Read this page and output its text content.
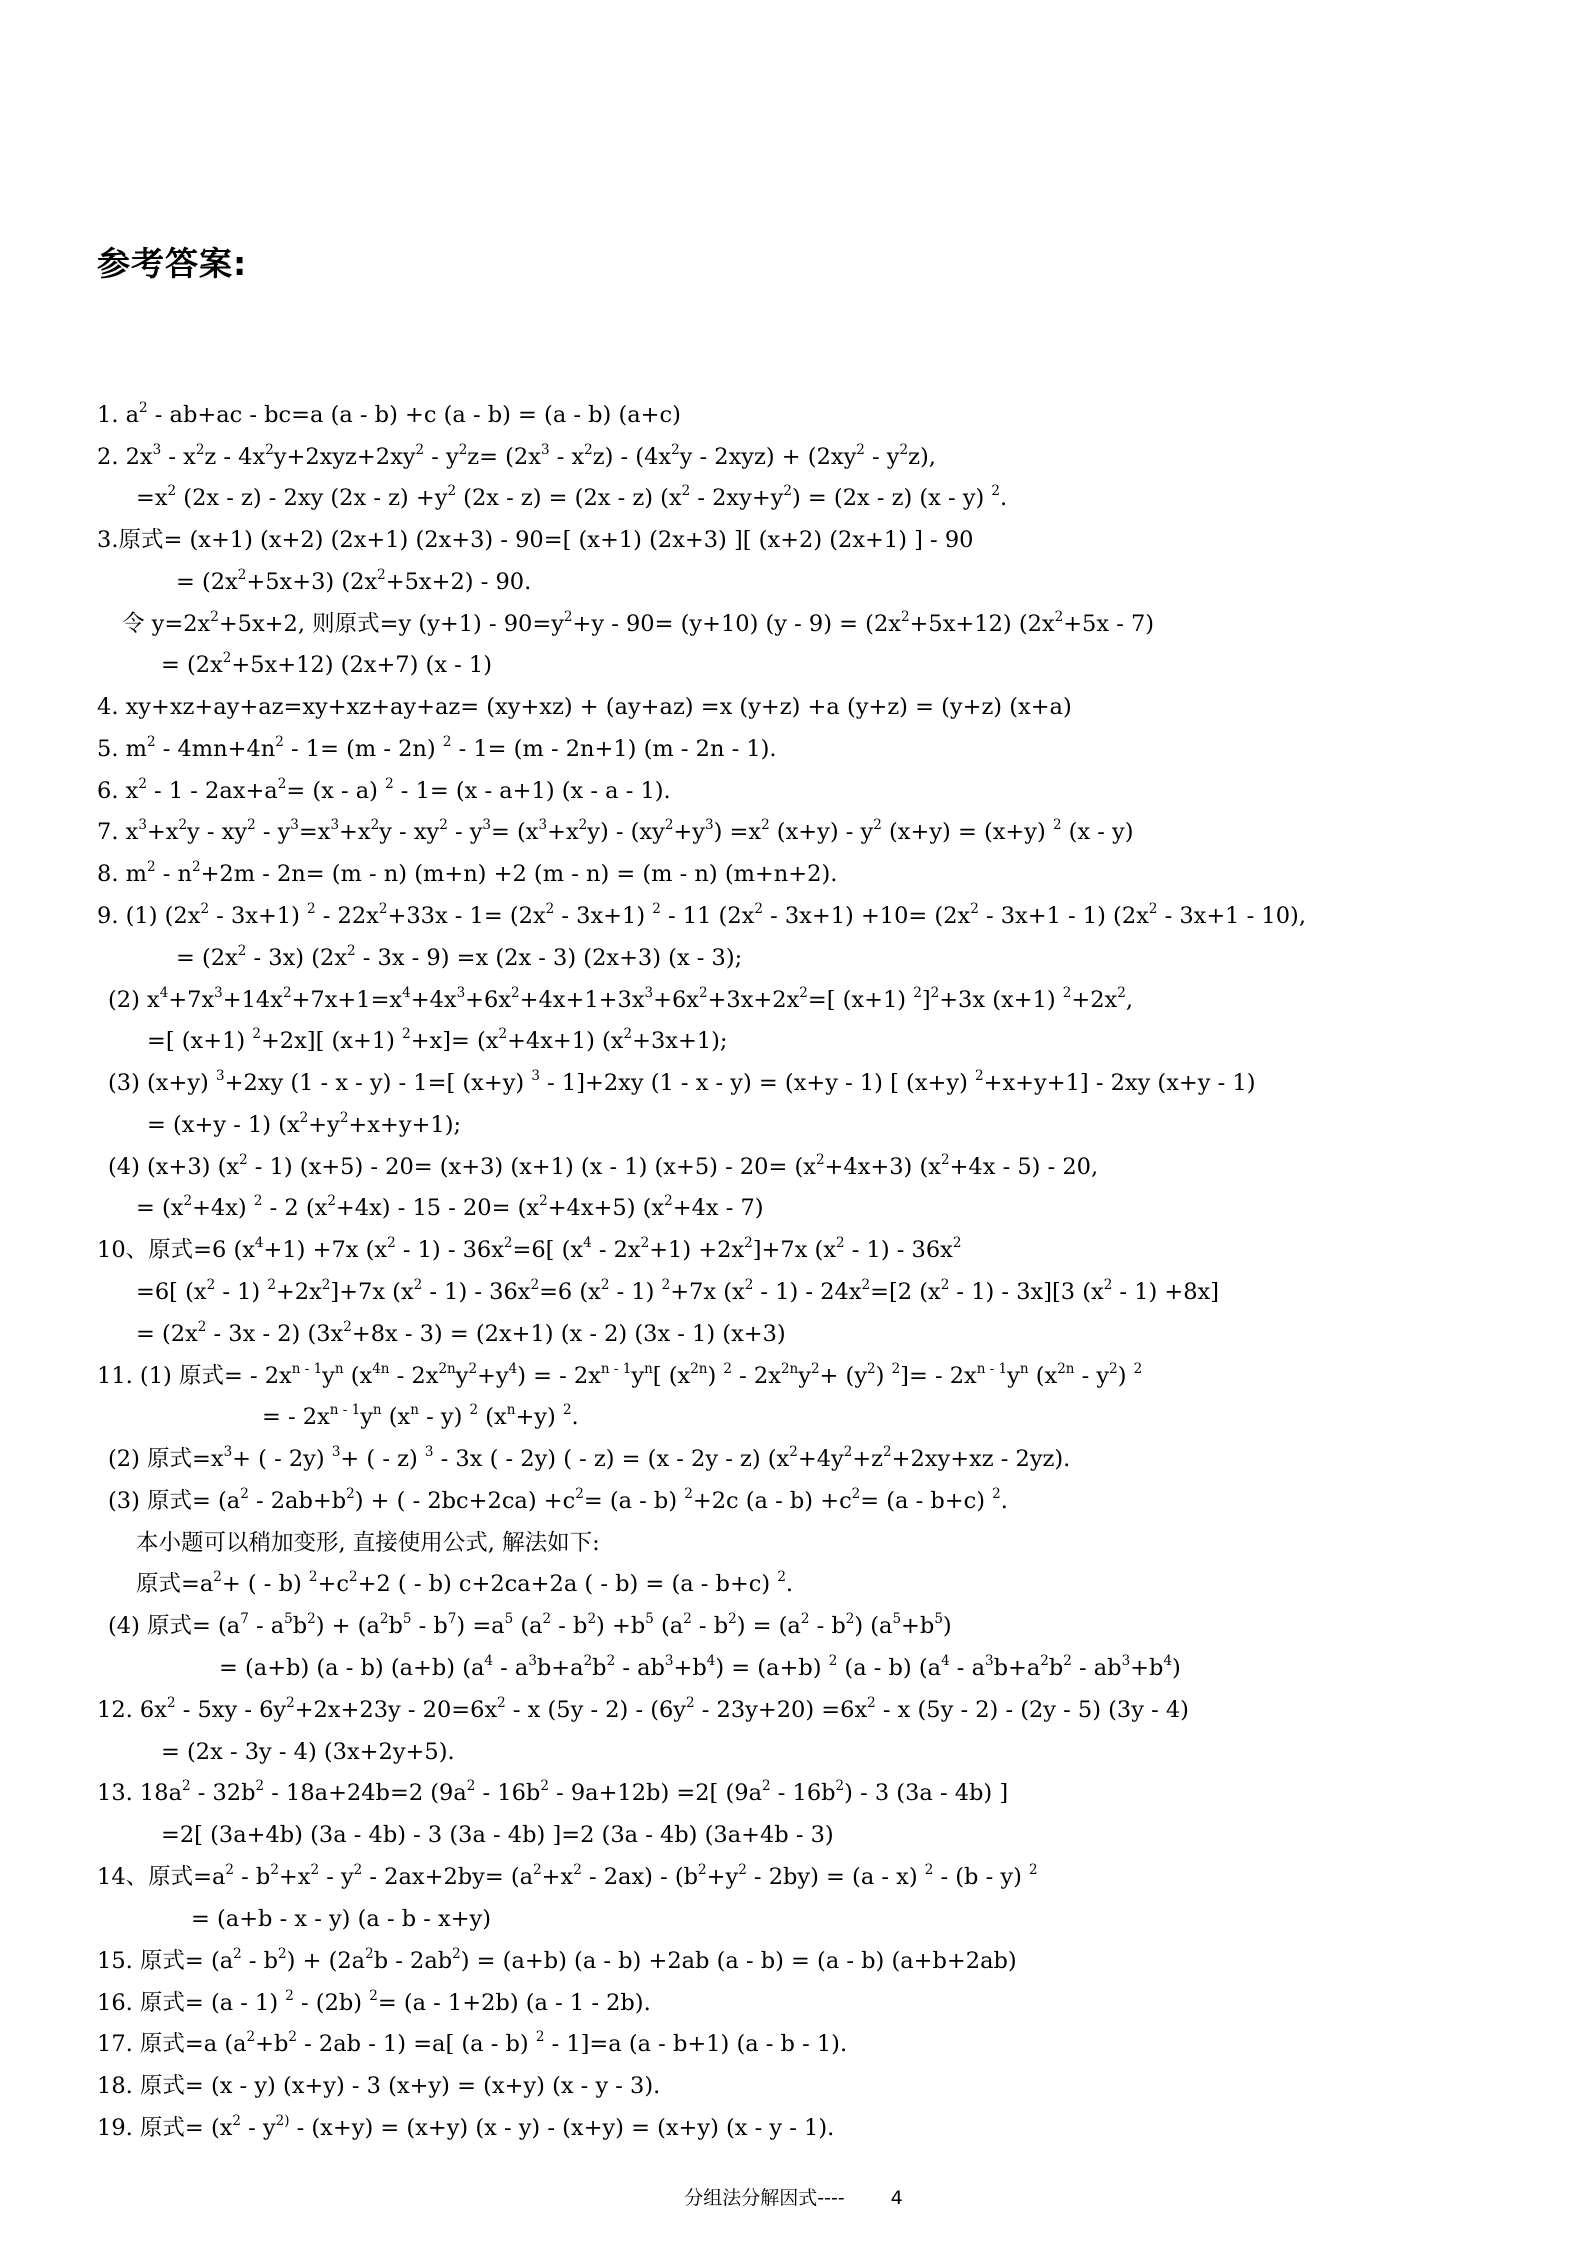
参考答案:
1. $a^2 - ab+ac - bc=a$ (a - b) +c (a - b) = (a - b) (a+c)
2. $2x^3 - x^2z - 4x^2y+2xyz+2xy^2 - y^2z= (2x^3 - x^2z) - (4x^2y - 2xyz) + (2xy^2 - y^2z)$,
$=x^2$ (2x - z) - 2xy $(2x - z) +y^2$ (2x - z) = (2x - z) $(x^2 - 2xy+y^2) = (2x - z)$ (x - y) $^2$.
3.原式= (x+1) (x+2) (2x+1) (2x+3) - 90=[ (x+1) (2x+3) ][ (x+2) (2x+1) ] - 90
= $(2x^2+5x+3)$ $(2x^2+5x+2) - 90$.
令 $y=2x^2+5x+2$, 则原式=y $(y+1) - 90=y^2+y - 90= (y+10)$ $(y - 9) = (2x^2+5x+12)$ $(2x^2+5x - 7)$
= $(2x^2+5x+12)$ (2x+7) (x - 1)
4. xy+xz+ay+az=xy+xz+ay+az= (xy+xz) + (ay+az) =x (y+z) +a (y+z) = (y+z) (x+a)
5. $m^2 - 4mn+4n^2 - 1= (m - 2n)$ $^2$ - 1= (m - 2n+1) (m - 2n - 1).
6. $x^2 - 1 - 2ax+a^2= (x - a)$ $^2$ - 1= (x - a+1) (x - a - 1).
7. $x^3+x^2y - xy^2 - y^3=x^3+x^2y - xy^2 - y^3= (x^3+x^2y) - (xy^2+y^3) =x^2$ $(x+y) - y^2$ (x+y) = (x+y) $^2$ (x - y)
8. $m^2 - n^2+2m - 2n= (m - n)$ (m+n) +2 (m - n) = (m - n) (m+n+2).
9. (1) $(2x^2 - 3x+1)$ $^2 - 22x^2+33x - 1= (2x^2 - 3x+1)$ $^2$ - 11 $(2x^2 - 3x+1) +10= (2x^2 - 3x+1 - 1)$ $(2x^2 - 3x+1 - 10)$,
= $(2x^2 - 3x)$ $(2x^2 - 3x - 9) =x$ (2x - 3) (2x+3) (x - 3);
(2) $x^4+7x^3+14x^2+7x+1=x^4+4x^3+6x^2+4x+1+3x^3+6x^2+3x+2x^2=$[ (x+1) $^2$]$^2$+3x (x+1) $^2+2x^2$,
=[ (x+1) $^2$+2x][ (x+1) $^2+x]= (x^2+4x+1)$ $(x^2+3x+1)$;
(3) (x+y) $^3$+2xy (1 - x - y) - 1=[ (x+y) $^3$ - 1]+2xy (1 - x - y) = (x+y - 1) [ (x+y) $^2$+x+y+1] - 2xy (x+y - 1)
= (x+y - 1) $(x^2+y^2+x+y+1)$;
(4) (x+3) $(x^2 - 1)$ (x+5) - 20= (x+3) (x+1) (x - 1) $(x+5) - 20= (x^2+4x+3)$ $(x^2+4x - 5) - 20$,
= $(x^2+4x)$ $^2$ - 2 $(x^2+4x) - 15 - 20= (x^2+4x+5)$ $(x^2+4x - 7)$
10、原式=6 $(x^4+1) +7x$ $(x^2 - 1) - 36x^2=6$[ $(x^4 - 2x^2+1) +2x^2]+7x$ $(x^2 - 1) - 36x^2$
=6[ $(x^2 - 1)$ $^2+2x^2]+7x$ $(x^2 - 1) - 36x^2=6$ $(x^2 - 1)$ $^2$+7x $(x^2 - 1) - 24x^2=[2$ $(x^2 - 1) - 3x][3$ $(x^2 - 1) +8x$]
= $(2x^2 - 3x - 2)$ $(3x^2+8x - 3) = (2x+1)$ (x - 2) (3x - 1) (x+3)
11. (1) 原式= - $2x^{n - 1}y^n$ $(x^{4n} - 2x^{2n}y^2+y^4)$ = - $2x^{n - 1}y^n$[ $(x^{2n})$ $^2 - 2x^{2n}y^2+ (y^2)$ $^2]= - 2x^{n - 1}y^n$ $(x^{2n} - y^2)$ $^2$
= - $2x^{n - 1}y^n$ $(x^n - y)$ $^2$ $(x^n+y)$ $^2$.
(2) 原式$=x^3+$ ( - 2y) $^3$+ ( - z) $^3$ - 3x ( - 2y) ( - z) = (x - 2y - z) $(x^2+4y^2+z^2+2xy+xz - 2yz)$.
(3) 原式= $(a^2 - 2ab+b^2)$ + ( - $2bc+2ca) +c^2= (a - b)$ $^2$+2c $(a - b) +c^2= (a - b+c)$ $^2$.
本小题可以稍加变形, 直接使用公式, 解法如下:
原式$=a^2+$ ( - b) $^2+c^2+2$ ( - b) c+2ca+2a ( - b) = (a - b+c) $^2$.
(4) 原式= $(a^7 - a^5b^2) + (a^2b^5 - b^7) =a^5$ $(a^2 - b^2) +b^5$ $(a^2 - b^2) = (a^2 - b^2)$ $(a^5+b^5)$
= (a+b) (a - b) (a+b) $(a^4 - a^3b+a^2b^2 - ab^3+b^4) = (a+b)$ $^2$ (a - b) $(a^4 - a^3b+a^2b^2 - ab^3+b^4)$
12. $6x^2 - 5xy - 6y^2+2x+23y - 20=6x^2 - x$ $(5y - 2) - (6y^2 - 23y+20) =6x^2 - x$ (5y - 2) - (2y - 5) (3y - 4)
= (2x - 3y - 4) (3x+2y+5).
13. $18a^2 - 32b^2 - 18a+24b=2$ $(9a^2 - 16b^2 - 9a+12b) =2$[ $(9a^2 - 16b^2) - 3$ (3a - 4b) ]
=2[ (3a+4b) (3a - 4b) - 3 (3a - 4b) ]=2 (3a - 4b) (3a+4b - 3)
14、原式$=a^2 - b^2+x^2 - y^2 - 2ax+2by= (a^2+x^2 - 2ax) - (b^2+y^2 - 2by) = (a - x)$ $^2$ - (b - y) $^2$
= (a+b - x - y) (a - b - x+y)
15. 原式= $(a^2 - b^2) + (2a^2b - 2ab^2) = (a+b)$ (a - b) +2ab (a - b) = (a - b) (a+b+2ab)
16. 原式= (a - 1) $^2$ - (2b) $^2$= (a - 1+2b) (a - 1 - 2b).
17. 原式=a $(a^2+b^2 - 2ab - 1) =a$[ (a - b) $^2$ - 1]=a (a - b+1) (a - b - 1).
18. 原式= (x - y) (x+y) - 3 (x+y) = (x+y) (x - y - 3).
19. 原式= ($x^2 - y^{2)} - (x+y) = (x+y)$ (x - y) - (x+y) = (x+y) (x - y - 1).
分组法分解因式---- 4
